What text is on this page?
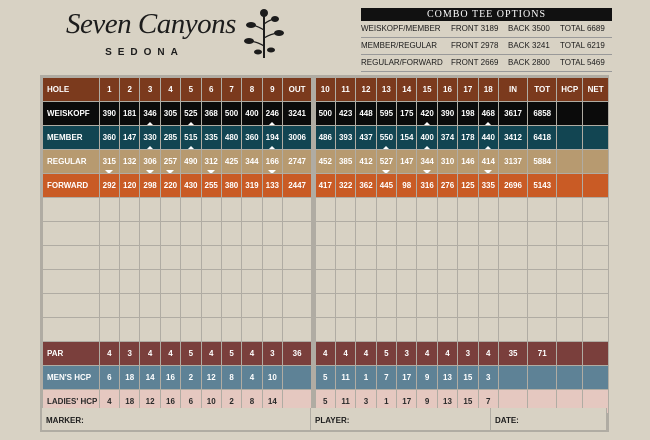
Seven Canyons
SEDONA
COMBO TEE OPTIONS
WEISKOPF/MEMBER	FRONT 3189	BACK 3500	TOTAL 6689
MEMBER/REGULAR	FRONT 2978	BACK 3241	TOTAL 6219
REGULAR/FORWARD	FRONT 2669	BACK 2800	TOTAL 5469
HOLE	1	2	3	4	5	6	7	8	9	OUT		10	11	12	13	14	15	16	17	18	IN	TOT	HCP	NET
WEISKOPF	390	181	346	305	525	368	500	400	246	3241		500	423	448	595	175	420	390	198	468	3617	6858		
MEMBER	360	147	330	285	515	335	480	360	194	3006		486	393	437	550	154	400	374	178	440	3412	6418		
REGULAR	315	132	306	257	490	312	425	344	166	2747		452	385	412	527	147	344	310	146	414	3137	5884		
FORWARD	292	120	298	220	430	255	380	319	133	2447		417	322	362	445	98	316	276	125	335	2696	5143		

PAR	4	3	4	4	5	4	5	4	3	36		4	4	4	5	3	4	4	3	4	35	71		
MEN'S HCP	6	18	14	16	2	12	8	4	10			5	11	1	7	17	9	13	15	3				
LADIES' HCP	4	18	12	16	6	10	2	8	14			5	11	3	1	17	9	13	15	7				
MARKER:	PLAYER:	DATE:
